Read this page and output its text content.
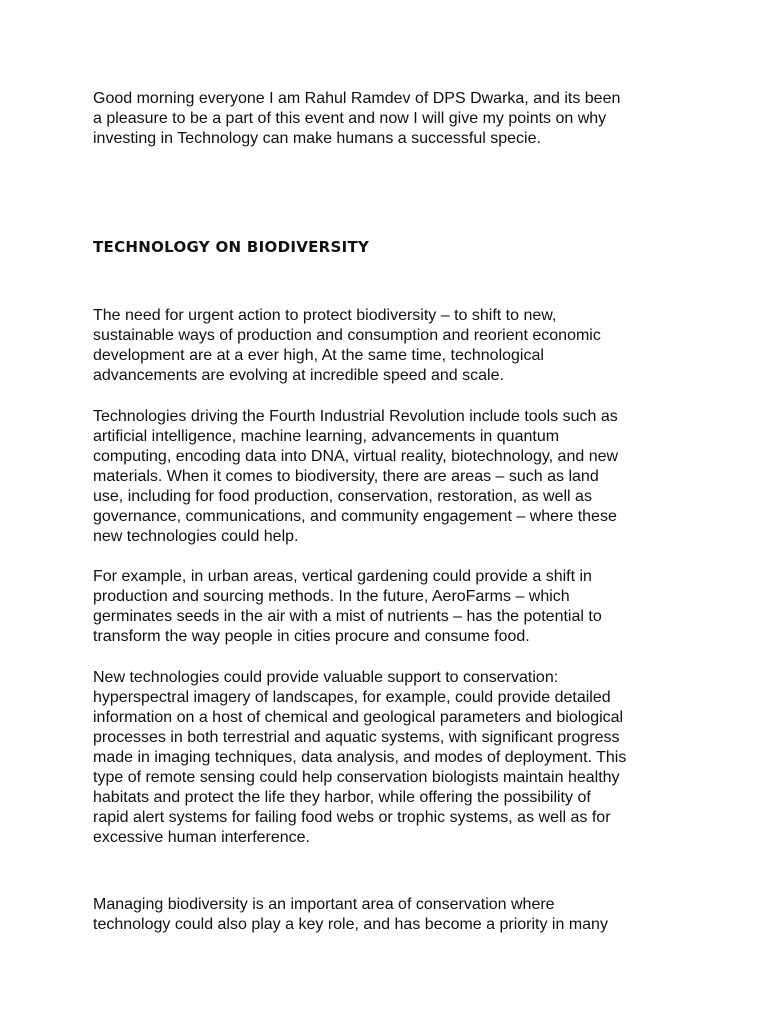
Good morning everyone I am Rahul Ramdev of DPS Dwarka, and its been
a pleasure to be a part of this event and now I will give my points on why
investing in Technology can make humans a successful specie.

TECHNOLOGY ON BIODIVERSITY

The need for urgent action to protect biodiversity – to shift to new,
sustainable ways of production and consumption and reorient economic
development are at a ever high, At the same time, technological
advancements are evolving at incredible speed and scale.

Technologies driving the Fourth Industrial Revolution include tools such as
artificial intelligence, machine learning, advancements in quantum
computing, encoding data into DNA, virtual reality, biotechnology, and new
materials. When it comes to biodiversity, there are areas – such as land
use, including for food production, conservation, restoration, as well as
governance, communications, and community engagement – where these
new technologies could help.

For example, in urban areas, vertical gardening could provide a shift in
production and sourcing methods. In the future, AeroFarms – which
germinates seeds in the air with a mist of nutrients – has the potential to
transform the way people in cities procure and consume food.

New technologies could provide valuable support to conservation:
hyperspectral imagery of landscapes, for example, could provide detailed
information on a host of chemical and geological parameters and biological
processes in both terrestrial and aquatic systems, with significant progress
made in imaging techniques, data analysis, and modes of deployment. This
type of remote sensing could help conservation biologists maintain healthy
habitats and protect the life they harbor, while offering the possibility of
rapid alert systems for failing food webs or trophic systems, as well as for
excessive human interference.

Managing biodiversity is an important area of conservation where
technology could also play a key role, and has become a priority in many
